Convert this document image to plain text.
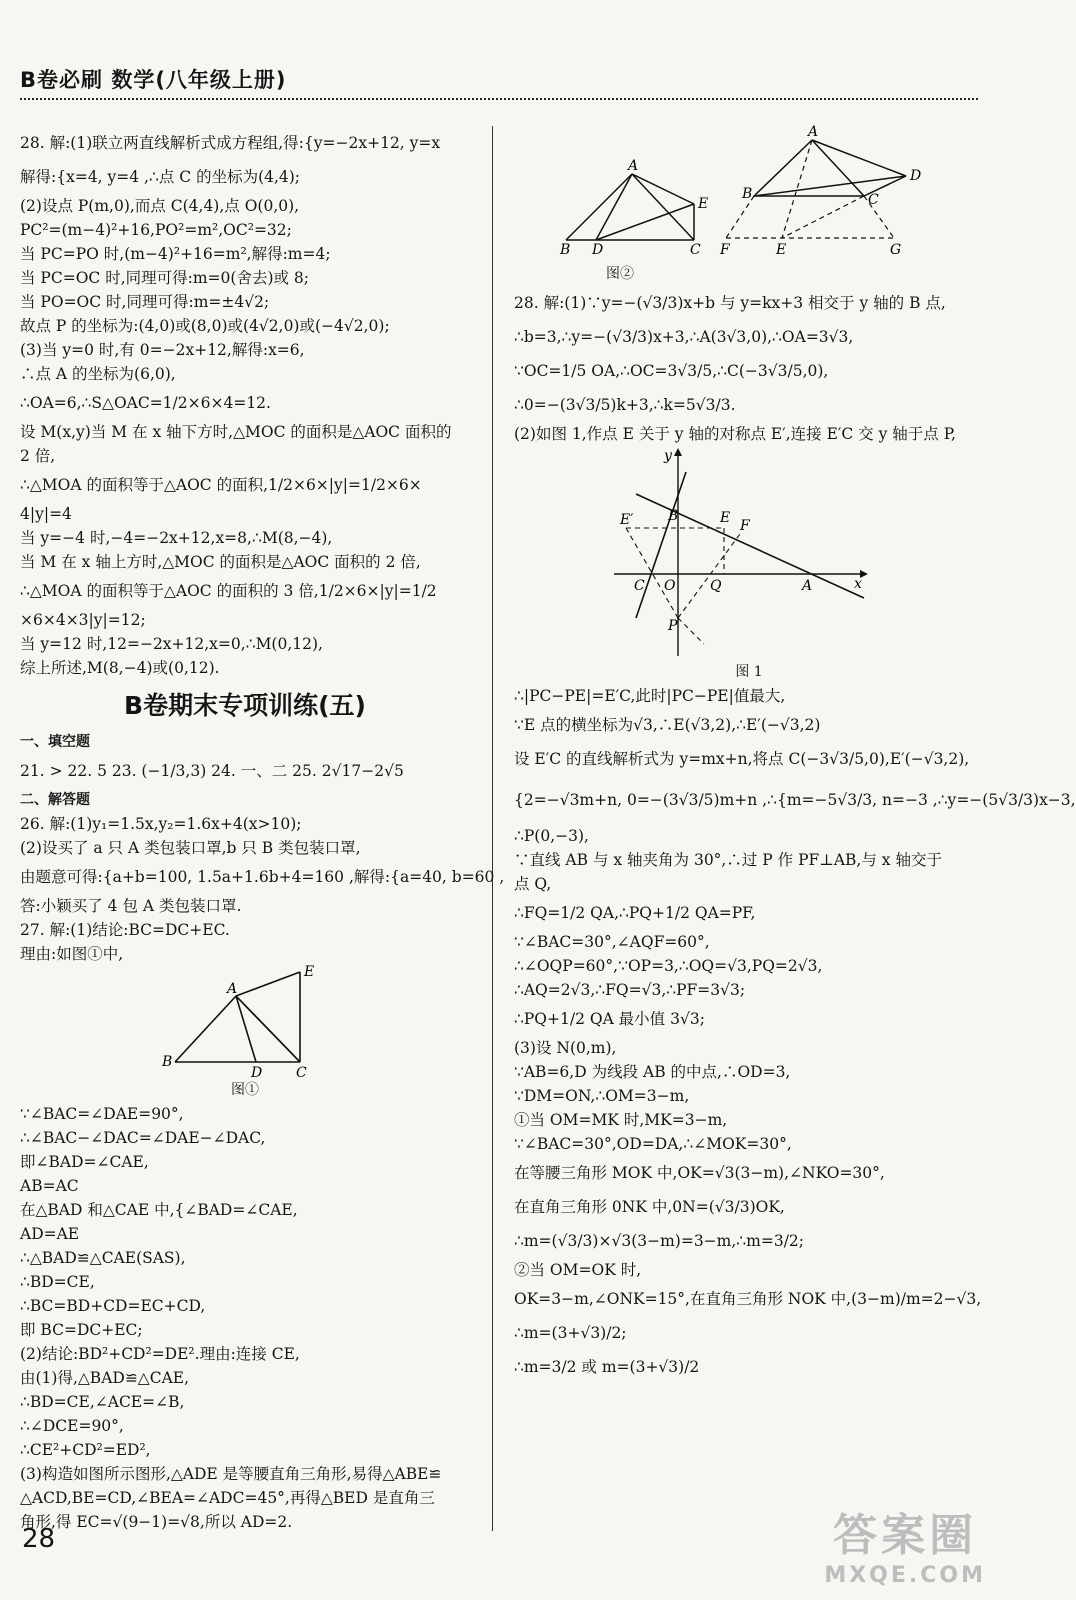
B卷必刷 数学(八年级上册)
28. 解:(1)联立两直线解析式成方程组,得:{y=−2x+12, y=x
解得:{x=4, y=4 ,∴点 C 的坐标为(4,4);
(2)设点 P(m,0),而点 C(4,4),点 O(0,0),
PC²=(m−4)²+16,PO²=m²,OC²=32;
当 PC=PO 时,(m−4)²+16=m²,解得:m=4;
当 PC=OC 时,同理可得:m=0(舍去)或 8;
当 PO=OC 时,同理可得:m=±4√2;
故点 P 的坐标为:(4,0)或(8,0)或(4√2,0)或(−4√2,0);
(3)当 y=0 时,有 0=−2x+12,解得:x=6,
∴点 A 的坐标为(6,0),
∴OA=6,∴S△OAC=1/2×6×4=12.
设 M(x,y)当 M 在 x 轴下方时,△MOC 的面积是△AOC 面积的
2 倍,
∴△MOA 的面积等于△AOC 的面积,1/2×6×|y|=1/2×6×
4|y|=4
当 y=−4 时,−4=−2x+12,x=8,∴M(8,−4),
当 M 在 x 轴上方时,△MOC 的面积是△AOC 面积的 2 倍,
∴△MOA 的面积等于△AOC 的面积的 3 倍,1/2×6×|y|=1/2
×6×4×3|y|=12;
当 y=12 时,12=−2x+12,x=0,∴M(0,12),
综上所述,M(8,−4)或(0,12).
B卷期末专项训练(五)
一、填空题
21. > 22. 5 23. (−1/3,3) 24. 一、二 25. 2√17−2√5
二、解答题
26. 解:(1)y₁=1.5x,y₂=1.6x+4(x>10);
(2)设买了 a 只 A 类包装口罩,b 只 B 类包装口罩,
由题意可得:{a+b=100, 1.5a+1.6b+4=160 ,解得:{a=40, b=60 ,
答:小颖买了 4 包 A 类包装口罩.
27. 解:(1)结论:BC=DC+EC.
理由:如图①中,
A
B
D C
E
图①
∵∠BAC=∠DAE=90°,
∴∠BAC−∠DAC=∠DAE−∠DAC,
即∠BAD=∠CAE,
AB=AC
在△BAD 和△CAE 中,{∠BAD=∠CAE,
AD=AE
∴△BAD≌△CAE(SAS),
∴BD=CE,
∴BC=BD+CD=EC+CD,
即 BC=DC+EC;
(2)结论:BD²+CD²=DE².理由:连接 CE,
由(1)得,△BAD≌△CAE,
∴BD=CE,∠ACE=∠B,
∴∠DCE=90°,
∴CE²+CD²=ED²,
(3)构造如图所示图形,△ADE 是等腰直角三角形,易得△ABE≌
△ACD,BE=CD,∠BEA=∠ADC=45°,再得△BED 是直角三
角形,得 EC=√(9−1)=√8,所以 AD=2.
A
B D	C
E
A
B	C
D
F	E	G
图②
28. 解:(1)∵y=−(√3/3)x+b 与 y=kx+3 相交于 y 轴的 B 点,
∴b=3,∴y=−(√3/3)x+3,∴A(3√3,0),∴OA=3√3,
∵OC=1/5 OA,∴OC=3√3/5,∴C(−3√3/5,0),
∴0=−(3√3/5)k+3,∴k=5√3/3.
(2)如图 1,作点 E 关于 y 轴的对称点 E′,连接 E′C 交 y 轴于点 P,
x
y
E′ B	E F
C O Q	A
P
图 1
∴|PC−PE|=E′C,此时|PC−PE|值最大,
∵E 点的横坐标为√3,∴E(√3,2),∴E′(−√3,2)
设 E′C 的直线解析式为 y=mx+n,将点 C(−3√3/5,0),E′(−√3,2),
{2=−√3m+n, 0=−(3√3/5)m+n ,∴{m=−5√3/3, n=−3 ,∴y=−(5√3/3)x−3,
∴P(0,−3),
∵直线 AB 与 x 轴夹角为 30°,∴过 P 作 PF⊥AB,与 x 轴交于
点 Q,
∴FQ=1/2 QA,∴PQ+1/2 QA=PF,
∵∠BAC=30°,∠AQF=60°,
∴∠OQP=60°,∵OP=3,∴OQ=√3,PQ=2√3,
∴AQ=2√3,∴FQ=√3,∴PF=3√3;
∴PQ+1/2 QA 最小值 3√3;
(3)设 N(0,m),
∵AB=6,D 为线段 AB 的中点,∴OD=3,
∵DM=ON,∴OM=3−m,
①当 OM=MK 时,MK=3−m,
∵∠BAC=30°,OD=DA,∴∠MOK=30°,
在等腰三角形 MOK 中,OK=√3(3−m),∠NKO=30°,
在直角三角形 0NK 中,0N=(√3/3)OK,
∴m=(√3/3)×√3(3−m)=3−m,∴m=3/2;
②当 OM=OK 时,
OK=3−m,∠ONK=15°,在直角三角形 NOK 中,(3−m)/m=2−√3,
∴m=(3+√3)/2;
∴m=3/2 或 m=(3+√3)/2
28	答案圈
MXQE.COM
